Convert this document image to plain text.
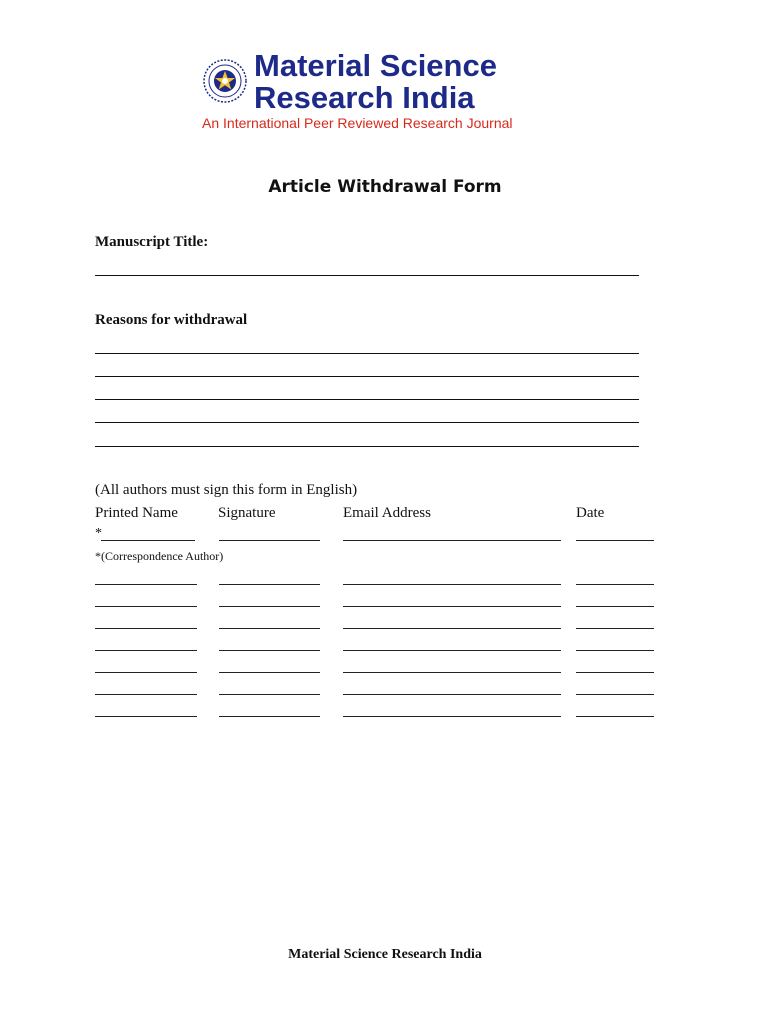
Material Science
Research India
An International Peer Reviewed Research Journal
Article Withdrawal Form
Manuscript Title:
Reasons for withdrawal
(All authors must sign this form in English)
Printed Name	Signature	Email Address	Date
*
*(Correspondence Author)
Material Science Research India
